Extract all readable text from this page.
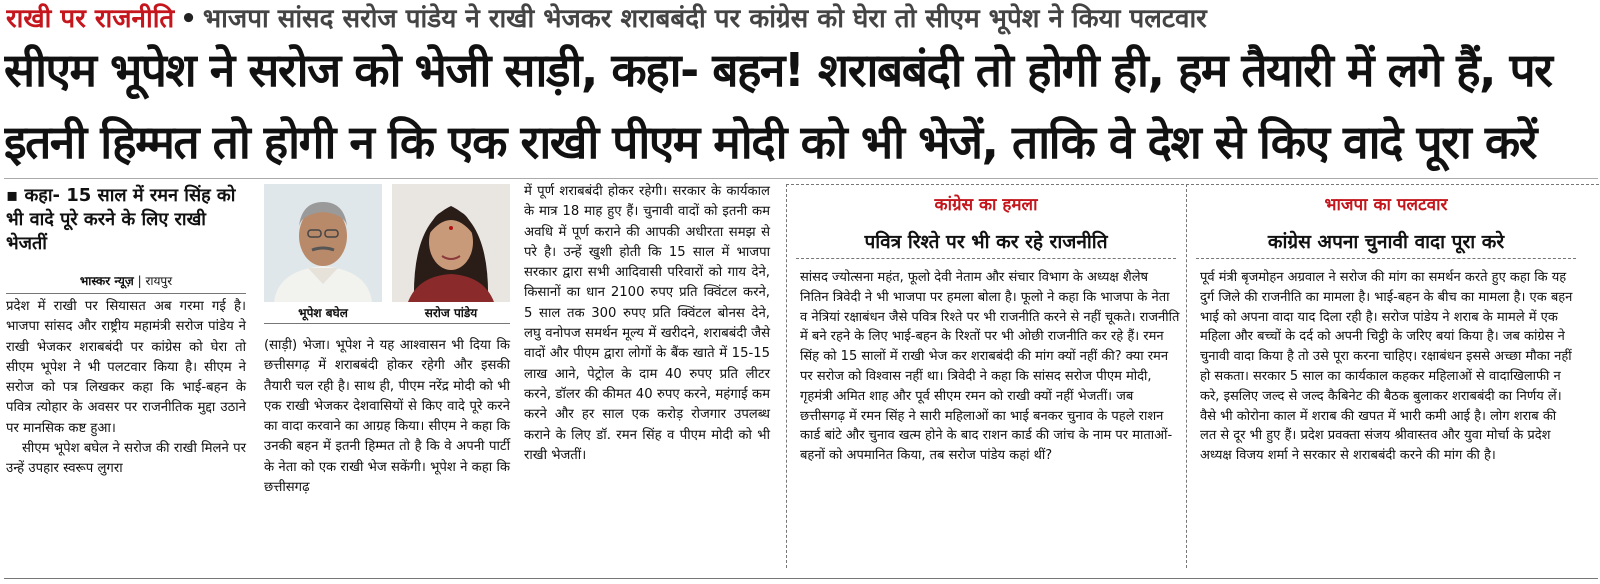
राखी पर राजनीति • भाजपा सांसद सरोज पांडेय ने राखी भेजकर शराबबंदी पर कांग्रेस को घेरा तो सीएम भूपेश ने किया पलटवार
सीएम भूपेश ने सरोज को भेजी साड़ी, कहा- बहन! शराबबंदी तो होगी ही, हम तैयारी में लगे हैं, पर
इतनी हिम्मत तो होगी न कि एक राखी पीएम मोदी को भी भेजें, ताकि वे देश से किए वादे पूरा करें
▪ कहा- 15 साल में रमन सिंह को भी वादे पूरे करने के लिए राखी भेजतीं
भास्कर न्यूज़ | रायपुर

प्रदेश में राखी पर सियासत अब गरमा गई है। भाजपा सांसद और राष्ट्रीय महामंत्री सरोज पांडेय ने राखी भेजकर शराबबंदी पर कांग्रेस को घेरा तो सीएम भूपेश ने भी पलटवार किया है। सीएम ने सरोज को पत्र लिखकर कहा कि भाई-बहन के पवित्र त्योहार के अवसर पर राजनीतिक मुद्दा उठाने पर मानसिक कष्ट हुआ।

सीएम भूपेश बघेल ने सरोज की राखी मिलने पर उन्हें उपहार स्वरूप लुगरा

भूपेश बघेल	सरोज पांडेय

(साड़ी) भेजा। भूपेश ने यह आश्वासन भी दिया कि छत्तीसगढ़ में शराबबंदी होकर रहेगी और इसकी तैयारी चल रही है। साथ ही, पीएम नरेंद्र मोदी को भी एक राखी भेजकर देशवासियों से किए वादे पूरे करने का वादा करवाने का आग्रह किया। सीएम ने कहा कि उनकी बहन में इतनी हिम्मत तो है कि वे अपनी पार्टी के नेता को एक राखी भेज सकेंगी। भूपेश ने कहा कि छत्तीसगढ़

में पूर्ण शराबबंदी होकर रहेगी। सरकार के कार्यकाल के मात्र 18 माह हुए हैं। चुनावी वादों को इतनी कम अवधि में पूर्ण कराने की आपकी अधीरता समझ से परे है। उन्हें खुशी होती कि 15 साल में भाजपा सरकार द्वारा सभी आदिवासी परिवारों को गाय देने, किसानों का धान 2100 रुपए प्रति क्विंटल करने, 5 साल तक 300 रुपए प्रति क्विंटल बोनस देने, लघु वनोपज समर्थन मूल्य में खरीदने, शराबबंदी जैसे वादों और पीएम द्वारा लोगों के बैंक खाते में 15-15 लाख आने, पेट्रोल के दाम 40 रुपए प्रति लीटर करने, डॉलर की कीमत 40 रुपए करने, महंगाई कम करने और हर साल एक करोड़ रोजगार उपलब्ध कराने के लिए डॉ. रमन सिंह व पीएम मोदी को भी राखी भेजतीं।

कांग्रेस का हमला
पवित्र रिश्ते पर भी कर रहे राजनीति
सांसद ज्योत्सना महंत, फूलो देवी नेताम और संचार विभाग के अध्यक्ष शैलेष नितिन त्रिवेदी ने भी भाजपा पर हमला बोला है। फूलो ने कहा कि भाजपा के नेता व नेत्रियां रक्षाबंधन जैसे पवित्र रिश्ते पर भी राजनीति करने से नहीं चूकते। राजनीति में बने रहने के लिए भाई-बहन के रिश्तों पर भी ओछी राजनीति कर रहे हैं। रमन सिंह को 15 सालों में राखी भेज कर शराबबंदी की मांग क्यों नहीं की? क्या रमन पर सरोज को विश्वास नहीं था। त्रिवेदी ने कहा कि सांसद सरोज पीएम मोदी, गृहमंत्री अमित शाह और पूर्व सीएम रमन को राखी क्यों नहीं भेजतीं। जब छत्तीसगढ़ में रमन सिंह ने सारी महिलाओं का भाई बनकर चुनाव के पहले राशन कार्ड बांटे और चुनाव खत्म होने के बाद राशन कार्ड की जांच के नाम पर माताओं-बहनों को अपमानित किया, तब सरोज पांडेय कहां थीं?
भाजपा का पलटवार
कांग्रेस अपना चुनावी वादा पूरा करे
पूर्व मंत्री बृजमोहन अग्रवाल ने सरोज की मांग का समर्थन करते हुए कहा कि यह दुर्ग जिले की राजनीति का मामला है। भाई-बहन के बीच का मामला है। एक बहन भाई को अपना वादा याद दिला रही है। सरोज पांडेय ने शराब के मामले में एक महिला और बच्चों के दर्द को अपनी चिट्ठी के जरिए बयां किया है। जब कांग्रेस ने चुनावी वादा किया है तो उसे पूरा करना चाहिए। रक्षाबंधन इससे अच्छा मौका नहीं हो सकता। सरकार 5 साल का कार्यकाल कहकर महिलाओं से वादाखिलाफी न करे, इसलिए जल्द से जल्द कैबिनेट की बैठक बुलाकर शराबबंदी का निर्णय लें। वैसे भी कोरोना काल में शराब की खपत में भारी कमी आई है। लोग शराब की लत से दूर भी हुए हैं। प्रदेश प्रवक्ता संजय श्रीवास्तव और युवा मोर्चा के प्रदेश अध्यक्ष विजय शर्मा ने सरकार से शराबबंदी करने की मांग की है।
